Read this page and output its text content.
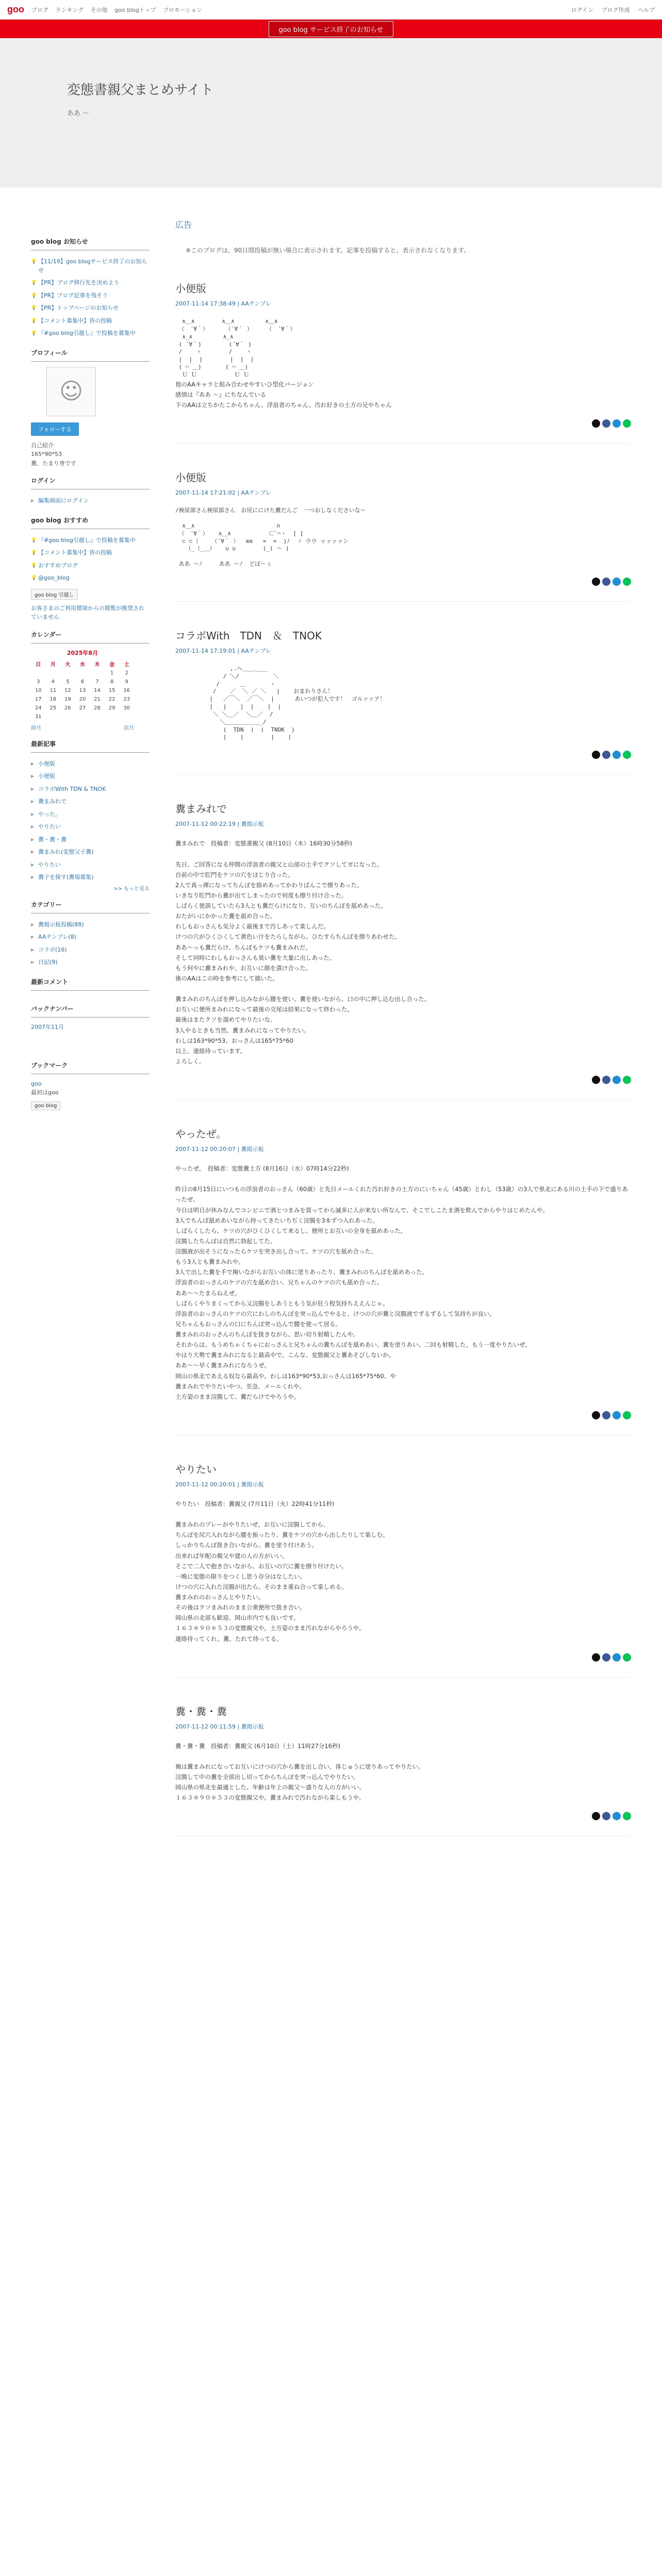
goo ブログ ランキング その他 goo blogトップ プロモーション	ログイン ブログ作成 ヘルプ
goo blog サービス終了のお知らせ
変態書親父まとめサイト
ああ 〜
goo blog お知らせ
💡 【11/19】goo blogサービス終了のお知らせ
💡 【PR】ブログ移行先を決めよう
💡 【PR】ブログ記事を残そう
💡 【PR】トップページのお知らせ
💡 【コメント募集中】皆の投稿
💡 『#goo blog引越し』で投稿を募集中
プロフィール
☺
フォローする
自己紹介
165*90*53
糞、たまり専です
ログイン
▶ 編集画面にログイン
goo blog おすすめ
💡 『#goo blog引越し』で投稿を募集中
💡 【コメント募集中】皆の投稿
💡 おすすめブログ
💡 @goo_blog
goo blog 引越し
お客さまのご利用環境からの閲覧が推奨されていません
カレンダー
2025年8月
日	月	火	水	木	金	土
					1	2
3	4	5	6	7	8	9
10	11	12	13	14	15	16
17	18	19	20	21	22	23
24	25	26	27	28	29	30
31						
前月	次月
最新記事
▶ 小便版
▶ 小便版
▶ コラボWith TDN & TNOK
▶ 糞まみれで
▶ やった。
▶ やりたい
▶ 糞・糞・糞
▶ 糞まみれ(変態父子糞)
▶ やりたい
▶ 糞子を探す(糞場募集)
>> もっと見る
カテゴリー
▶ 糞掲示板投稿(88)
▶ AAテンプレ(8)
▶ コラボ(16)
▶ 日記(9)
最新コメント
バックナンバー
2007年11月
ブックマーク
goo
最初はgoo
goo blog
広告
※このブログは、90日間投稿が無い場合に表示されます。記事を投稿すると、表示されなくなります。
小便版
2007-11-14 17:38:49 | AAテンプレ
∧＿∧        ∧＿∧         ∧＿∧
（　´∀｀）     （´∀｀ ）    （　´∀｀）
∧_∧         ∧_∧
( ´∀｀)        (´∀｀ )
/    ヽ        /    ヽ
|  |  |        |  |  |
( ⌒ ＿)       ( ⌒ ＿)
Ｕ Ｕ           Ｕ Ｕ
他のAAキャラと組み合わせやすいひ型化バージョン
感情は『ああ 〜』にちなんでいる
下のAAは立ちかたこからちゃん、浮浪者のちゃん、汚れ好きの土方の兄やちゃん
小便版
2007-11-14 17:21:02 | AAテンプレ
/検尿部さん検尿部さん　お尻ににけた糞だんご　一つおしなくださいな〜

∧＿∧                        ∩
（　´∀｀）   ∧＿∧           ⊂ﾞ⌒ヽ  [ ]
⊂ ⊂ ）   （´∀｀ ）  ≡≡   =  =  )ﾉ  ゞ ウウ ヮァァァン
（_（_＿）   ∪ ∪        (_( 〜 )

ああ 〜ﾉ     ああ 〜ﾉ  どぼ〜ぅ
コラボWith　TDN　＆　TNOK
2007-11-14 17:19:01 | AAテンプレ
,.へ＿_＿___
/ ＼/          ＼
/      ＿       ヽ
/    ／  ＼ ／ ＼   |    おまわりさん！
|   ／￣＼  ／￣＼  |      あいつが犯人です！　ゴルァァア！
|   |    |  |    |  |
＼ ＼＿／  ＼＿／  /
＼＿＿＿＿＿＿_/
(  TDN  )  (  TNOK  )
|    |        |    |
糞まみれで
2007-11-12 00:22:19 | 糞掲示板
糞まみれで　投稿者：変態書親父 (8月10日（木）16時30分58秒)

先日、ご回答になる仲間の浮浪者の親父と山部の土手でクソしてガになった。
自前の中で肛門をケツの穴をほじり合った。
2人で真っ裸になってちんぽを絡めあってかわりばんこで擦りあった。
いきなり肛門から糞が出てしまったので何度も擦り付け合った。
しばらく使誤していたら3人とも糞だらけになり、互いのちんぽを舐めあった。
おたがいにかかった糞を舐め合った。
わしもおっさんも気分よく最後まで汚しあって楽しんだ。
けつの穴がひくひくして黄色い汁をたらしながら、ひたすらちんぽを擦りあわせた。
ああ〜っも糞だらけ、ちんぽもケツも糞まみれだ。
そして同時にわしもおっさんも臭い糞を大量に出しあった。
もう何やに糞まみれや、お互いに顔を漬け合った。
後のAAはこの時を参考にして描いた。

糞まみれのちんぽを押し込みながら腰を使い、糞を使いながら、口の中に押し込む出し合った。
お互いに便所まみれになって最後の交尾は結果になって終わった。
最後はまたクソを溜めてやりたいな。
3人やるときも当然、糞まみれになってやりたい。
わしは163*90*53、おっさんは165*75*60
以上、連絡待っています。
よろしく。
やったぜ。
2007-11-12 00:20:07 | 糞掲示板
やったぜ。　投稿者：変態糞土方 (8月16日（水）07時14分22秒)

昨日の8月15日にいつもの浮浪者のおっさん（60歳）と先日メールくれた汚れ好きの土方のにいちゃん（45歳）とわし（53歳）の3人で県北にある川の土手の下で盛りあったぜ。
今日は明日が休みなんでコンビニで酒とつまみを買ってから滅多に人が来ない所なんで、そこでしこたま酒を飲んでからやりはじめたんや。
3人でちんぽ舐めあいながら持ってきたいちぢく浣腸を3本ずつ入れあった。
しばらくしたら、ケツの穴がひくひくして来るし、便所とお互いの全身を舐めあった。
浣腸したちんぽは自然に勃起してた。
浣腸液が出そうになったらケツを突き出し合って、ケツの穴を舐め合った。
もう3人とも糞まみれや。
3人で出した糞を手で掬いながらお互いの体に塗りあったり、糞まみれのちんぽを舐めあった。
浮浪者のおっさんのケツの穴を舐め合い、兄ちゃんのケツの穴も舐め合った。
ああ〜〜たまらねえぜ。
しばらくやりまくってから又浣腸をしあうともう気が狂う程気持ちええんじゃ。
浮浪者のおっさんのケツの穴にわしのちんぽを突っ込んでやると、けつの穴が糞と浣腸液でずるずるして気持ちが良い。
兄ちゃんもおっさんの口にちんぽ突っ込んで腰を使って居る。
糞まみれのおっさんのちんぽを扱きながら、思い切り射精したんや。
それからは、もうめちゃくちゃにおっさんと兄ちゃんの糞ちんぽを舐めあい、糞を塗りあい、二回も射精した。もう一度やりたいぜ。
やはり大勢で糞まみれになると最高やで。こんな、変態親父と糞あそびしないか。
ああ〜〜早く糞まみれになろうぜ。
岡山の県北であえる奴なら最高や。わしは163*90*53,おっさんは165*75*60、や
糞まみれでやりたいやつ、至急、メールくれや。
土方姿のまま浣腸して、糞だらけでやろうや。
やりたい
2007-11-12 00:20:01 | 糞掲示板
やりたい　投稿者：糞親父 (7月11日（火）22時41分11秒)

糞まみれのプレーがやりたいぜ。お互いに浣腸してから、
ちんぽを尻穴入れながら腰を振ったり、糞をケツの穴から出したりして楽しむ。
しっかりちんぽ扱き合いながら、糞を塗り付けあう。
出来れば年配の親父や建の人の方がいい。
そこで二人で抱き合いながら、お互いの穴に糞を擦り付けたい。
一晩に変態の限りをつくし思う存分はなしたい。
けつの穴に入れた浣腸が出たら、そのまま重ね合って楽しめる。
糞まみれのおっさんとやりたい。
その後はクソまみれのまま公衆便所で扱き合い。
岡山県の北部も歓迎、岡山市内でも良いです。
１６３＊９０＊５３の変態親父や。土方姿のまま汚れながらやろうや。
連絡待ってくれ。糞、たれて待ってる。
糞・糞・糞
2007-11-12 00:11:59 | 糞掲示板
糞・糞・糞　投稿者：糞親父 (6月10日（土）11時27分16秒)

俺は糞まみれになってお互いにけつの穴から糞を出し合い、体じゅうに塗りあってやりたい。
浣腸して中の糞を全部出し切ってからちんぽを突っ込んでやりたい。
岡山県の県北を最適とした、年齢は年上の親父～盛りな人の方がいい。
１６３＊９０＊５３の変態親父や。糞まみれで汚れながら楽しもうや。
